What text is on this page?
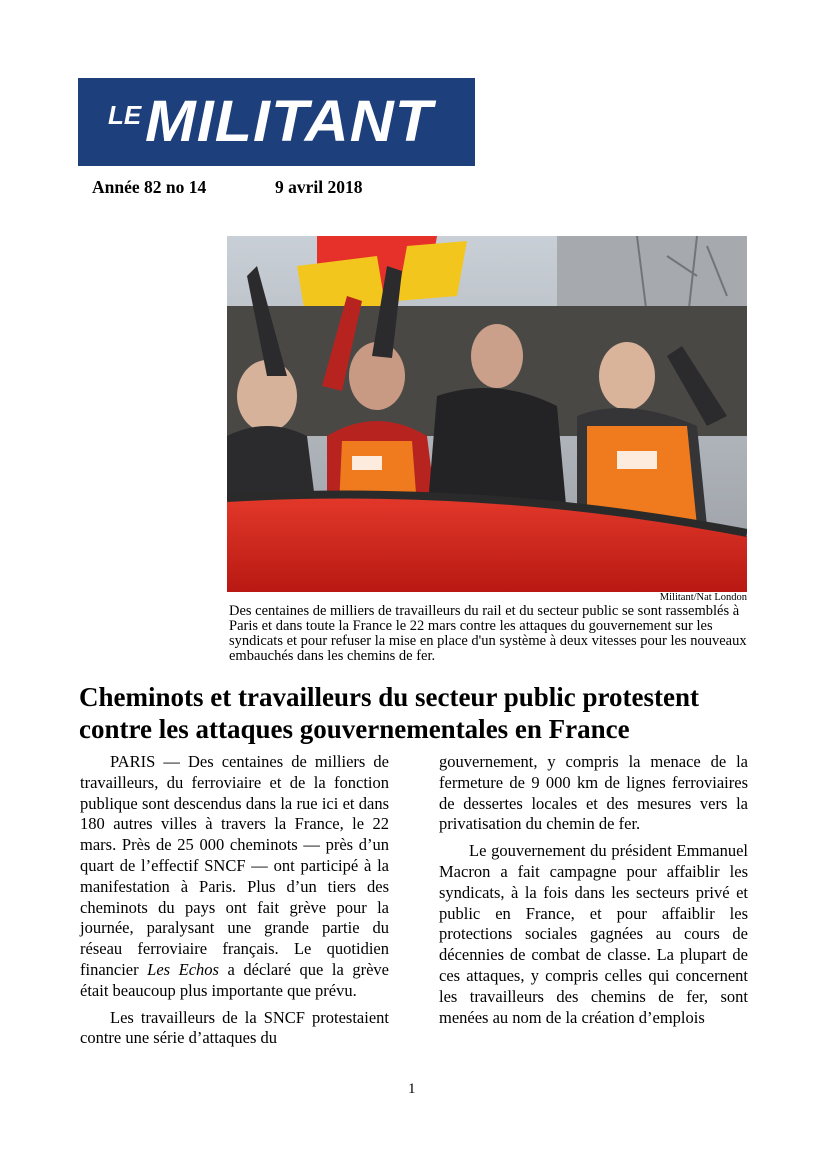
LE MILITANT
Année 82 no 14	9 avril 2018
Militant/Nat London
Des centaines de milliers de travailleurs du rail et du secteur public se sont rassemblés à Paris et dans toute la France le 22 mars contre les attaques du gouvernement sur les syndicats et pour refuser la mise en place d'un système à deux vitesses pour les nouveaux embauchés dans les chemins de fer.
Cheminots et travailleurs du secteur public protestent contre les attaques gouvernementales en France

PARIS — Des centaines de milliers de travailleurs, du ferroviaire et de la fonction publique sont descendus dans la rue ici et dans 180 autres villes à travers la France, le 22 mars. Près de 25 000 cheminots — près d’un quart de l’effectif SNCF — ont participé à la manifestation à Paris. Plus d’un tiers des cheminots du pays ont fait grève pour la journée, paralysant une grande partie du réseau ferroviaire français. Le quotidien financier Les Echos a déclaré que la grève était beaucoup plus importante que prévu.

Les travailleurs de la SNCF protestaient contre une série d’attaques du

gouvernement, y compris la menace de la fermeture de 9 000 km de lignes ferroviaires de dessertes locales et des mesures vers la privatisation du chemin de fer.

Le gouvernement du président Emmanuel Macron a fait campagne pour affaiblir les syndicats, à la fois dans les secteurs privé et public en France, et pour affaiblir les protections sociales gagnées au cours de décennies de combat de classe. La plupart de ces attaques, y compris celles qui concernent les travailleurs des chemins de fer, sont menées au nom de la création d’emplois

1
